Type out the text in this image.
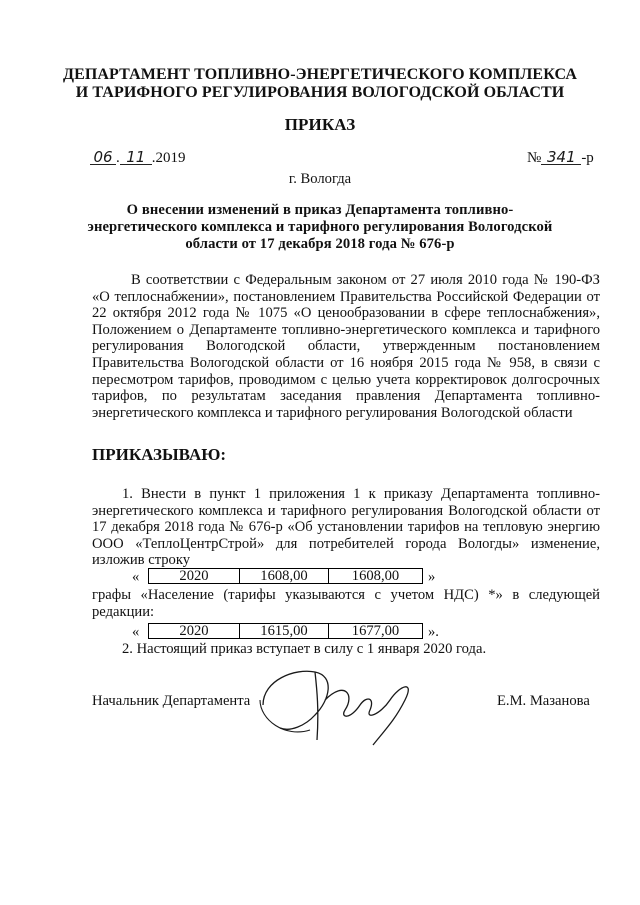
ДЕПАРТАМЕНТ ТОПЛИВНО-ЭНЕРГЕТИЧЕСКОГО КОМПЛЕКСА
И ТАРИФНОГО РЕГУЛИРОВАНИЯ ВОЛОГОДСКОЙ ОБЛАСТИ
ПРИКАЗ
06 . 11 .2019	№ 341 -р
г. Вологда
О внесении изменений в приказ Департамента топливно-
энергетического комплекса и тарифного регулирования Вологодской
области от 17 декабря 2018 года № 676-р
В соответствии с Федеральным законом от 27 июля 2010 года № 190-ФЗ «О теплоснабжении», постановлением Правительства Российской Федерации от 22 октября 2012 года № 1075 «О ценообразовании в сфере теплоснабжения», Положением о Департаменте топливно-энергетического комплекса и тарифного регулирования Вологодской области, утвержденным постановлением Правительства Вологодской области от 16 ноября 2015 года № 958, в связи с пересмотром тарифов, проводимом с целью учета корректировок долгосрочных тарифов, по результатам заседания правления Департамента топливно-энергетического комплекса и тарифного регулирования Вологодской области
ПРИКАЗЫВАЮ:
1. Внести в пункт 1 приложения 1 к приказу Департамента топливно-энергетического комплекса и тарифного регулирования Вологодской области от 17 декабря 2018 года № 676-р «Об установлении тарифов на тепловую энергию ООО «ТеплоЦентрСтрой» для потребителей города Вологды» изменение, изложив строку
«	2020	1608,00	1608,00 »
графы «Население (тарифы указываются с учетом НДС) *» в следующей редакции:
«	2020	1615,00	1677,00 ».
2. Настоящий приказ вступает в силу с 1 января 2020 года.
Начальник Департамента	Е.М. Мазанова
